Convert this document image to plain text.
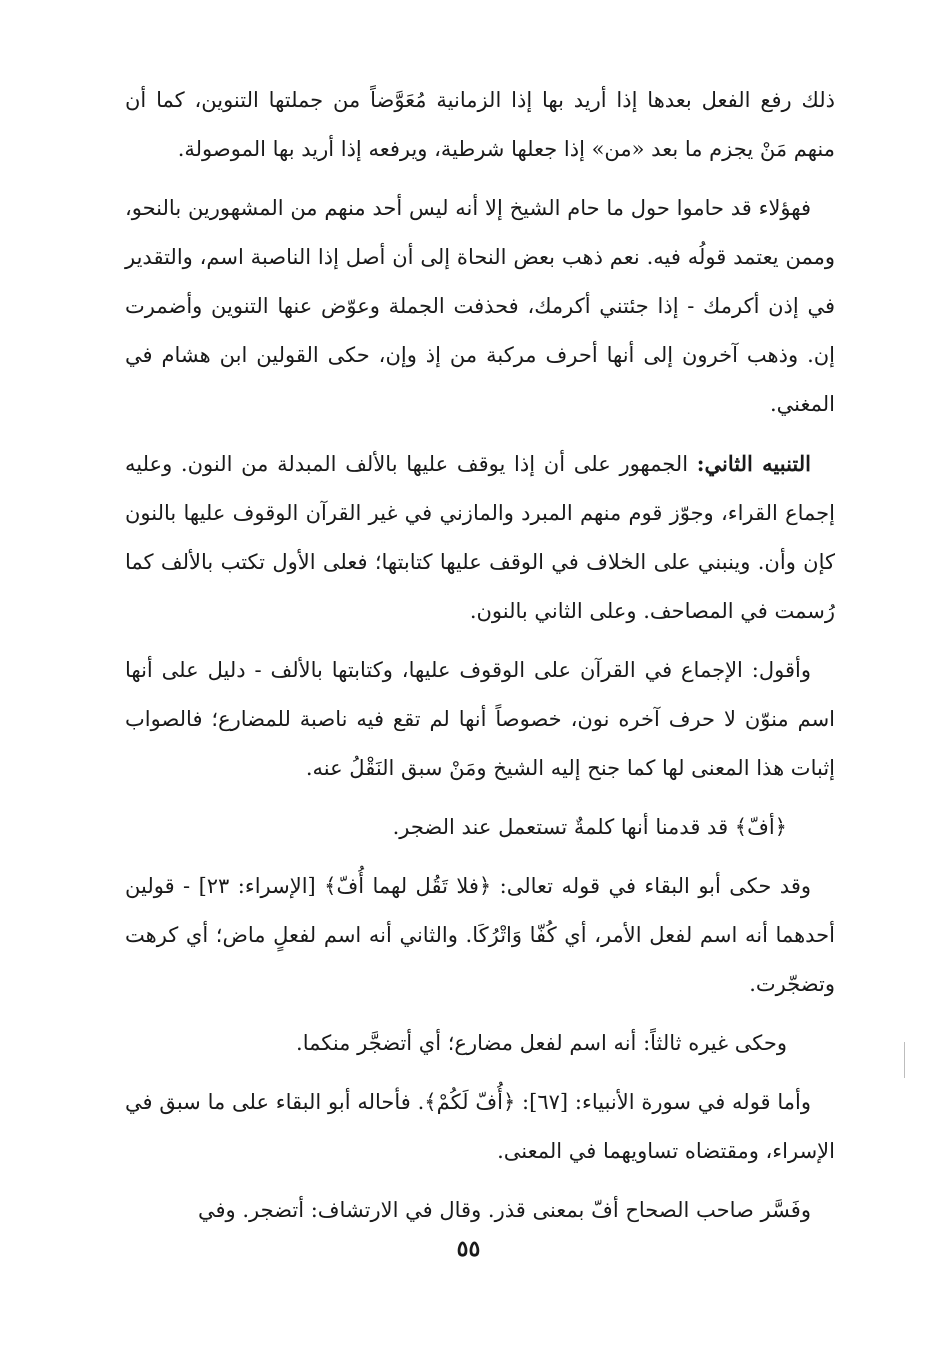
ذلك رفع الفعل بعدها إذا أريد بها إذا الزمانية مُعَوَّضاً من جملتها التنوين، كما أن منهم مَنْ يجزم ما بعد «من» إذا جعلها شرطية، ويرفعه إذا أريد بها الموصولة.

فهؤلاء قد حاموا حول ما حام الشيخ إلا أنه ليس أحد منهم من المشهورين بالنحو، وممن يعتمد قولُه فيه. نعم ذهب بعض النحاة إلى أن أصل إذا الناصبة اسم، والتقدير في إذن أكرمك - إذا جئتني أكرمك، فحذفت الجملة وعوّض عنها التنوين وأضمرت إن. وذهب آخرون إلى أنها أحرف مركبة من إذ وإن، حكى القولين ابن هشام في المغني.

التنبيه الثاني: الجمهور على أن إذا يوقف عليها بالألف المبدلة من النون. وعليه إجماع القراء، وجوّز قوم منهم المبرد والمازني في غير القرآن الوقوف عليها بالنون كإن وأن. وينبني على الخلاف في الوقف عليها كتابتها؛ فعلى الأول تكتب بالألف كما رُسمت في المصاحف. وعلى الثاني بالنون.

وأقول: الإجماع في القرآن على الوقوف عليها، وكتابتها بالألف - دليل على أنها اسم منوّن لا حرف آخره نون، خصوصاً أنها لم تقع فيه ناصبة للمضارع؛ فالصواب إثبات هذا المعنى لها كما جنح إليه الشيخ ومَنْ سبق النَقْلُ عنه.

﴿أفّ﴾ قد قدمنا أنها كلمةٌ تستعمل عند الضجر.

وقد حكى أبو البقاء في قوله تعالى: ﴿فلا تَقُل لهما أُفّ﴾ [الإسراء: ٢٣] - قولين أحدهما أنه اسم لفعل الأمر، أي كُفّا وَاتْرُكَا. والثاني أنه اسم لفعلٍ ماض؛ أي كرهت وتضجّرت.

وحكى غيره ثالثاً: أنه اسم لفعل مضارع؛ أي أتضجَّر منكما.

وأما قوله في سورة الأنبياء: [٦٧]: ﴿أُفّ لَكُمْ﴾. فأحاله أبو البقاء على ما سبق في الإسراء، ومقتضاه تساويهما في المعنى.

وفَسَّر صاحب الصحاح أفّ بمعنى قذر. وقال في الارتشاف: أتضجر. وفي

٥٥
